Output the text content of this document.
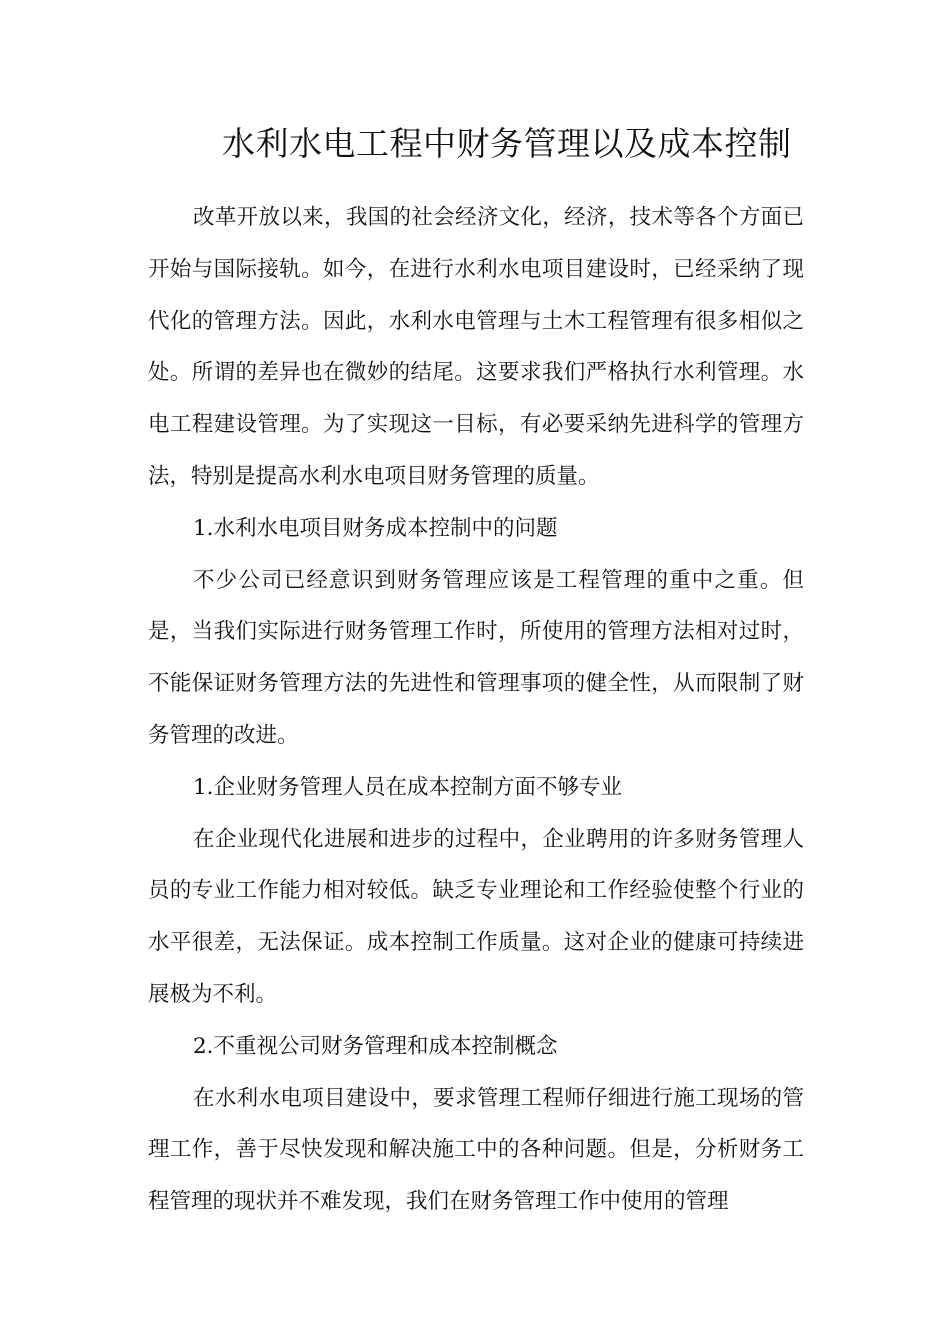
水利水电工程中财务管理以及成本控制

改革开放以来，我国的社会经济文化，经济，技术等各个方面已开始与国际接轨。如今，在进行水利水电项目建设时，已经采纳了现代化的管理方法。因此，水利水电管理与土木工程管理有很多相似之处。所谓的差异也在微妙的结尾。这要求我们严格执行水利管理。水电工程建设管理。为了实现这一目标，有必要采纳先进科学的管理方法，特别是提高水利水电项目财务管理的质量。

1.水利水电项目财务成本控制中的问题

不少公司已经意识到财务管理应该是工程管理的重中之重。但是，当我们实际进行财务管理工作时，所使用的管理方法相对过时，不能保证财务管理方法的先进性和管理事项的健全性，从而限制了财务管理的改进。

1.企业财务管理人员在成本控制方面不够专业

在企业现代化进展和进步的过程中，企业聘用的许多财务管理人员的专业工作能力相对较低。缺乏专业理论和工作经验使整个行业的水平很差，无法保证。成本控制工作质量。这对企业的健康可持续进展极为不利。

2.不重视公司财务管理和成本控制概念

在水利水电项目建设中，要求管理工程师仔细进行施工现场的管理工作，善于尽快发现和解决施工中的各种问题。但是，分析财务工程管理的现状并不难发现，我们在财务管理工作中使用的管理
